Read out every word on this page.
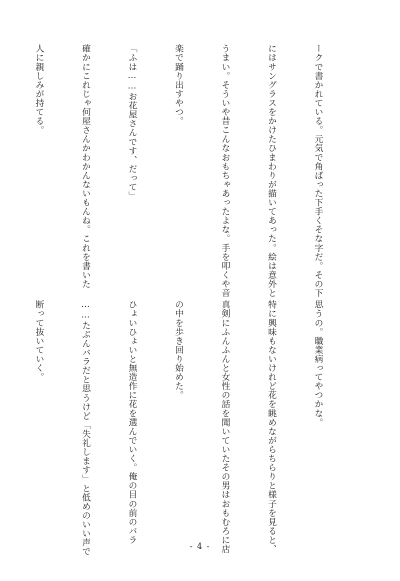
ークで書かれている。元気で角ばった下手くそな字だ。その下

にはサングラスをかけたひまわりが描いてあった。絵は意外と

うまい。そういや昔こんなおもちゃあったよな。手を叩くや音

楽で踊り出すやつ。

「ふは……お花屋さんです、だって」

確かにこれじゃ何屋さんかわかんないもんね。これを書いた

人に親しみが持てる。

思うの。職業病ってやつかな。

特に興味もないけれど花を眺めながらちらりと様子を見ると、

真剣にふんふんと女性の話を聞いていたその男はおもむろに店

の中を歩き回り始めた。

ひょいひょいと無造作に花を選んでいく。俺の目の前のバラ

……たぶんバラだと思うけど「失礼します」と低めのいい声で

断って抜いていく。

- 4 -
